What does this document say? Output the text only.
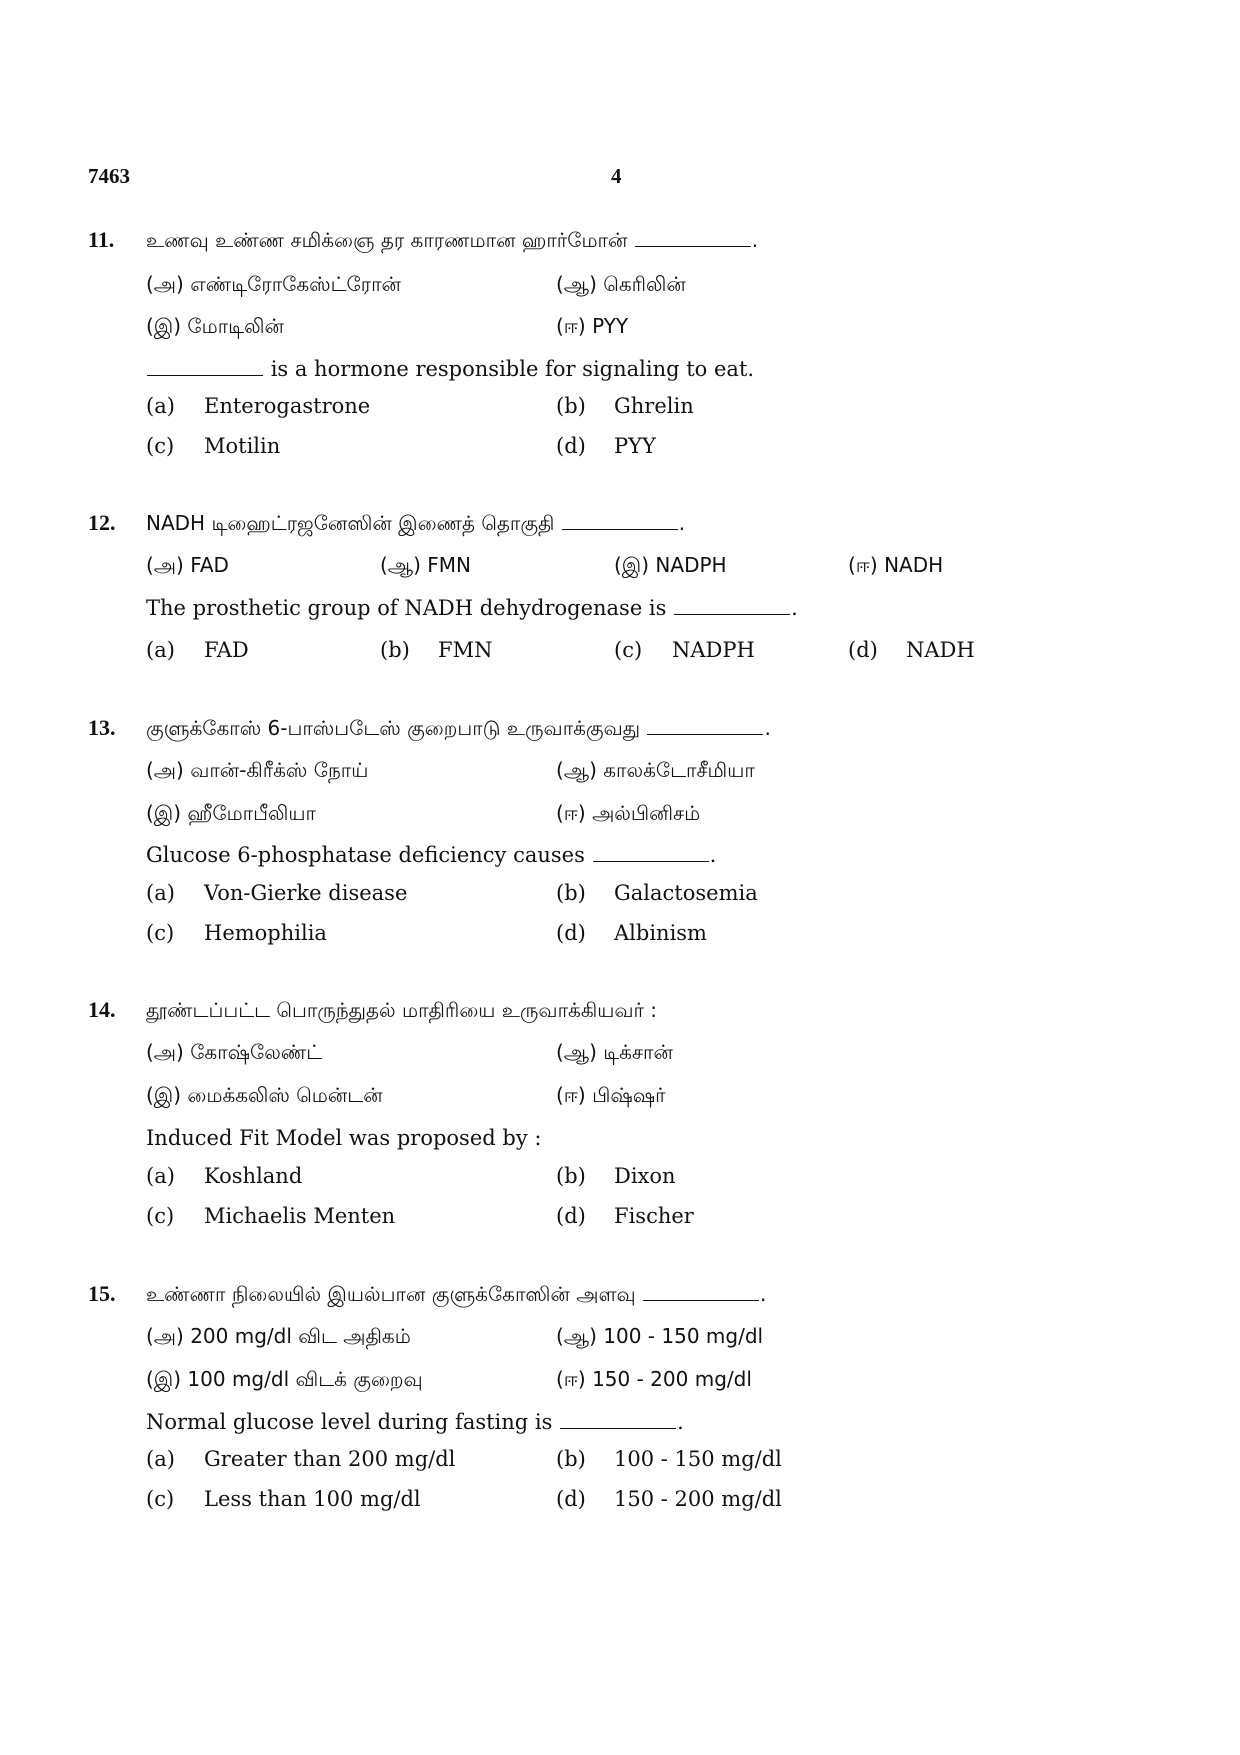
7463	4
11. உணவு உண்ண சமிக்ஞை தர காரணமான ஹார்மோன்	.
(அ) எண்டிரோகேஸ்ட்ரோன்	(ஆ) கெரிலின்
(இ) மோடிலின்	(ஈ) PYY
is a hormone responsible for signaling to eat.
(a) Enterogastrone	(b) Ghrelin
(c) Motilin	(d) PYY
12. NADH டிஹைட்ரஜனேஸின் இணைத் தொகுதி	.
(அ) FAD	(ஆ) FMN	(இ) NADPH	(ஈ) NADH
The prosthetic group of NADH dehydrogenase is	.
(a) FAD	(b) FMN	(c) NADPH	(d) NADH
13. குளுக்கோஸ் 6-பாஸ்படேஸ் குறைபாடு உருவாக்குவது	.
(அ) வான்-கிரீக்ஸ் நோய்	(ஆ) காலக்டோசீமியா
(இ) ஹீமோபீலியா	(ஈ) அல்பினிசம்
Glucose 6-phosphatase deficiency causes	.
(a) Von-Gierke disease	(b) Galactosemia
(c) Hemophilia	(d) Albinism
14. தூண்டப்பட்ட பொருந்துதல் மாதிரியை உருவாக்கியவர் :
(அ) கோஷ்லேண்ட்	(ஆ) டிக்சான்
(இ) மைக்கலிஸ் மென்டன்	(ஈ) பிஷ்ஷர்
Induced Fit Model was proposed by :
(a) Koshland	(b) Dixon
(c) Michaelis Menten	(d) Fischer
15. உண்ணா நிலையில் இயல்பான குளுக்கோஸின் அளவு	.
(அ) 200 mg/dl விட அதிகம்	(ஆ) 100 - 150 mg/dl
(இ) 100 mg/dl விடக் குறைவு	(ஈ) 150 - 200 mg/dl
Normal glucose level during fasting is	.
(a) Greater than 200 mg/dl	(b) 100 - 150 mg/dl
(c) Less than 100 mg/dl	(d) 150 - 200 mg/dl
